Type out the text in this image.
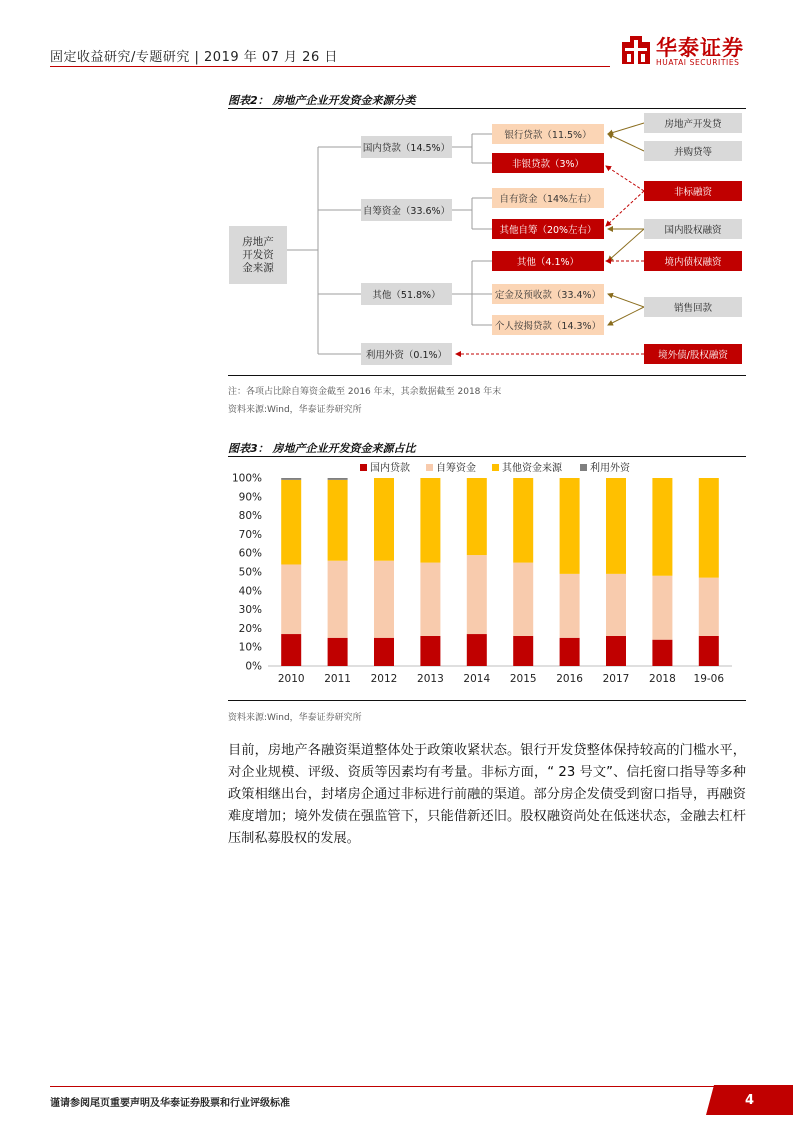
固定收益研究/专题研究 | 2019 年 07 月 26 日	华泰证券
HUATAI SECURITIES
图表2： 房地产企业开发资金来源分类
房地产
开发资
金来源
国内贷款（14.5%）
自筹资金（33.6%）
其他（51.8%）
利用外资（0.1%）
银行贷款（11.5%）
非银贷款（3%）
自有资金（14%左右）
其他自筹（20%左右）
其他（4.1%）
定金及预收款（33.4%）
个人按揭贷款（14.3%）
房地产开发贷
并购贷等
非标融资
国内股权融资
境内债权融资
销售回款
境外债/股权融资
注：各项占比除自筹资金截至 2016 年末，其余数据截至 2018 年末
资料来源:Wind，华泰证券研究所
图表3： 房地产企业开发资金来源占比
0%
10%
20%
30%
40%
50%
60%
70%
80%
90%
100%
2010 2011 2012 2013 2014 2015 2016 2017 2018 19-06
国内贷款	自筹资金	其他资金来源	利用外资
资料来源:Wind，华泰证券研究所
目前，房地产各融资渠道整体处于政策收紧状态。银行开发贷整体保持较高的门槛水平，对企业规模、评级、资质等因素均有考量。非标方面，“ 23 号文”、信托窗口指导等多种政策相继出台，封堵房企通过非标进行前融的渠道。部分房企发债受到窗口指导，再融资难度增加；境外发债在强监管下，只能借新还旧。股权融资尚处在低迷状态，金融去杠杆压制私募股权的发展。
谨请参阅尾页重要声明及华泰证券股票和行业评级标准	4
